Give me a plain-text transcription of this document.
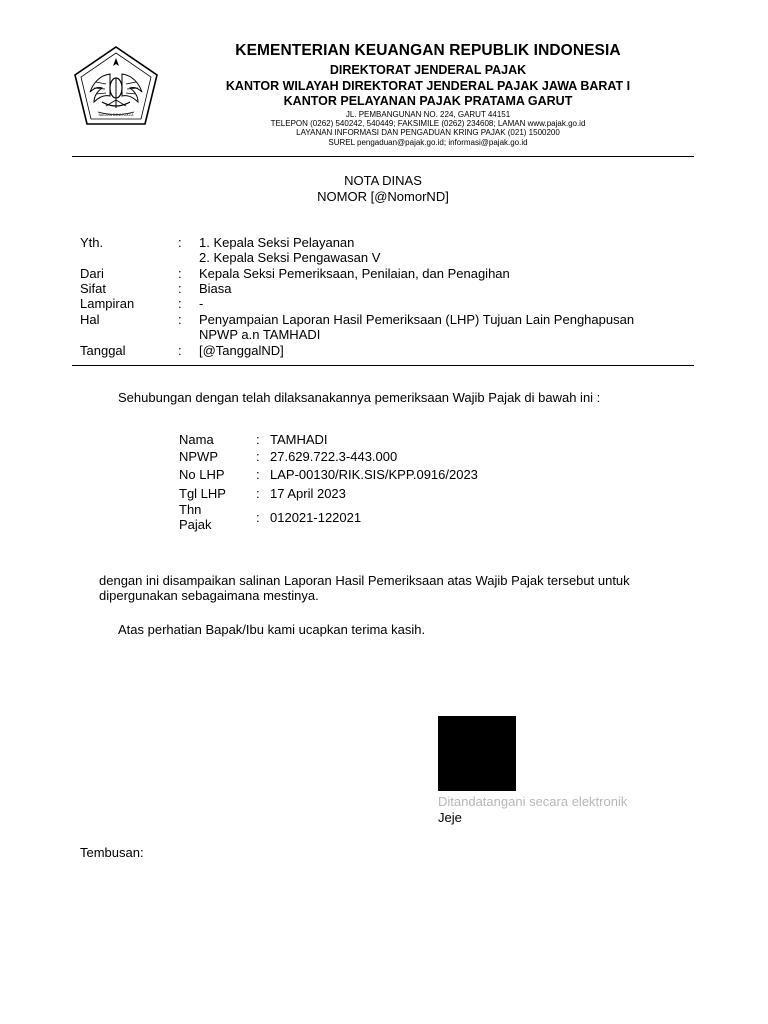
NAGARA DANA RAKCA
KEMENTERIAN KEUANGAN REPUBLIK INDONESIA
DIREKTORAT JENDERAL PAJAK
KANTOR WILAYAH DIREKTORAT JENDERAL PAJAK JAWA BARAT I
KANTOR PELAYANAN PAJAK PRATAMA GARUT
JL. PEMBANGUNAN NO. 224, GARUT 44151
TELEPON (0262) 540242, 540449; FAKSIMILE (0262) 234608; LAMAN www.pajak.go.id
LAYANAN INFORMASI DAN PENGADUAN KRING PAJAK (021) 1500200
SUREL pengaduan@pajak.go.id; informasi@pajak.go.id
NOTA DINAS
NOMOR [@NomorND]
Yth.	: 1. Kepala Seksi Pelayanan
2. Kepala Seksi Pengawasan V
Dari	: Kepala Seksi Pemeriksaan, Penilaian, dan Penagihan
Sifat	: Biasa
Lampiran	: -
Hal	: Penyampaian Laporan Hasil Pemeriksaan (LHP) Tujuan Lain Penghapusan
NPWP a.n TAMHADI
Tanggal	: [@TanggalND]
Sehubungan dengan telah dilaksanakannya pemeriksaan Wajib Pajak di bawah ini :
Nama	: TAMHADI
NPWP	: 27.629.722.3-443.000
No LHP : LAP-00130/RIK.SIS/KPP.0916/2023
Tgl LHP : 17 April 2023
Thn
Pajak	: 012021-122021
dengan ini disampaikan salinan Laporan Hasil Pemeriksaan atas Wajib Pajak tersebut untuk
dipergunakan sebagaimana mestinya.
Atas perhatian Bapak/Ibu kami ucapkan terima kasih.
Ditandatangani secara elektronik
Jeje
Tembusan:
